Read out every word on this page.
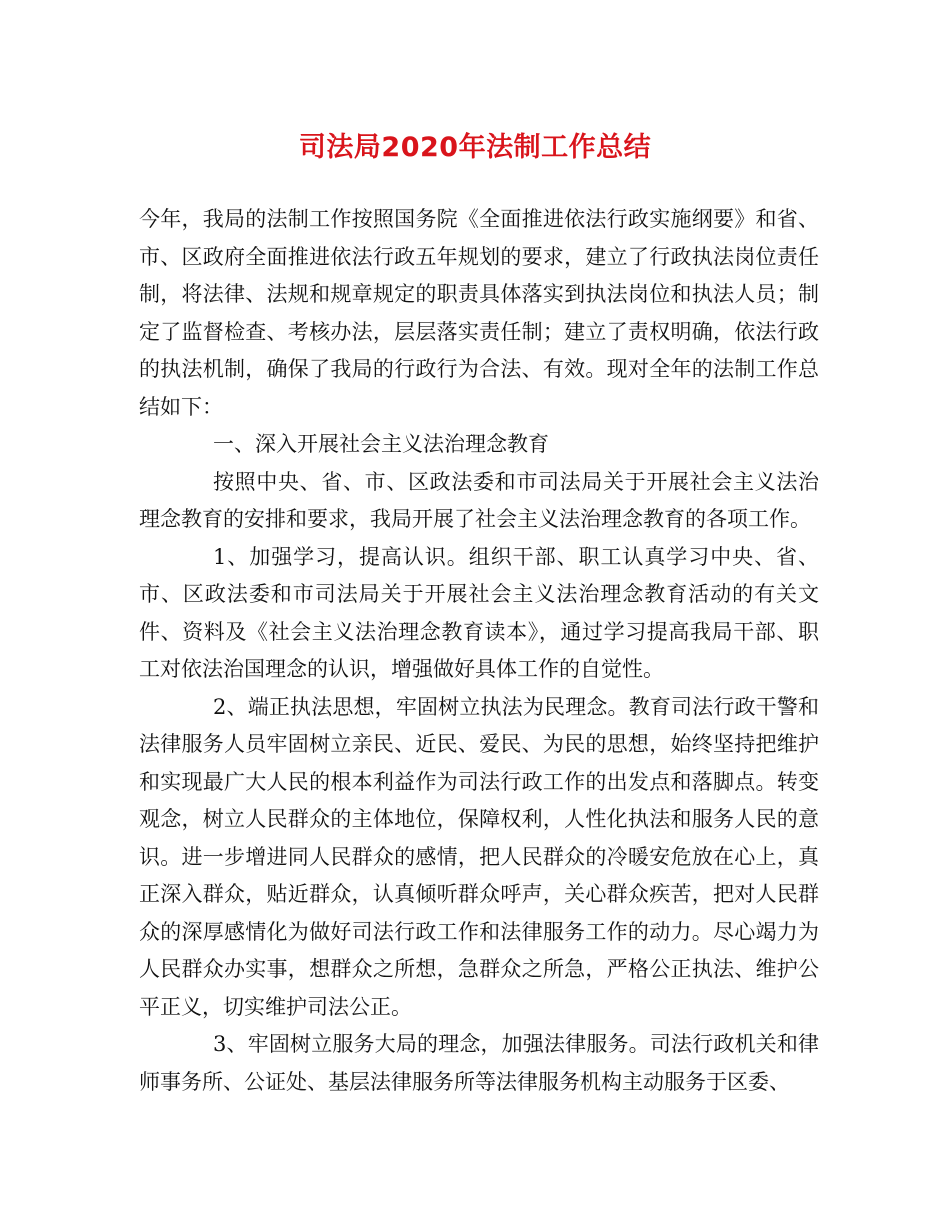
司法局2020年法制工作总结

今年，我局的法制工作按照国务院《全面推进依法行政实施纲要》和省、市、区政府全面推进依法行政五年规划的要求，建立了行政执法岗位责任制，将法律、法规和规章规定的职责具体落实到执法岗位和执法人员；制定了监督检查、考核办法，层层落实责任制；建立了责权明确，依法行政的执法机制，确保了我局的行政行为合法、有效。现对全年的法制工作总结如下：

一、深入开展社会主义法治理念教育

按照中央、省、市、区政法委和市司法局关于开展社会主义法治理念教育的安排和要求，我局开展了社会主义法治理念教育的各项工作。

1、加强学习，提高认识。组织干部、职工认真学习中央、省、市、区政法委和市司法局关于开展社会主义法治理念教育活动的有关文件、资料及《社会主义法治理念教育读本》，通过学习提高我局干部、职工对依法治国理念的认识，增强做好具体工作的自觉性。

2、端正执法思想，牢固树立执法为民理念。教育司法行政干警和法律服务人员牢固树立亲民、近民、爱民、为民的思想，始终坚持把维护和实现最广大人民的根本利益作为司法行政工作的出发点和落脚点。转变观念，树立人民群众的主体地位，保障权利，人性化执法和服务人民的意识。进一步增进同人民群众的感情，把人民群众的冷暖安危放在心上，真正深入群众，贴近群众，认真倾听群众呼声，关心群众疾苦，把对人民群众的深厚感情化为做好司法行政工作和法律服务工作的动力。尽心竭力为人民群众办实事，想群众之所想，急群众之所急，严格公正执法、维护公平正义，切实维护司法公正。

3、牢固树立服务大局的理念，加强法律服务。司法行政机关和律师事务所、公证处、基层法律服务所等法律服务机构主动服务于区委、
